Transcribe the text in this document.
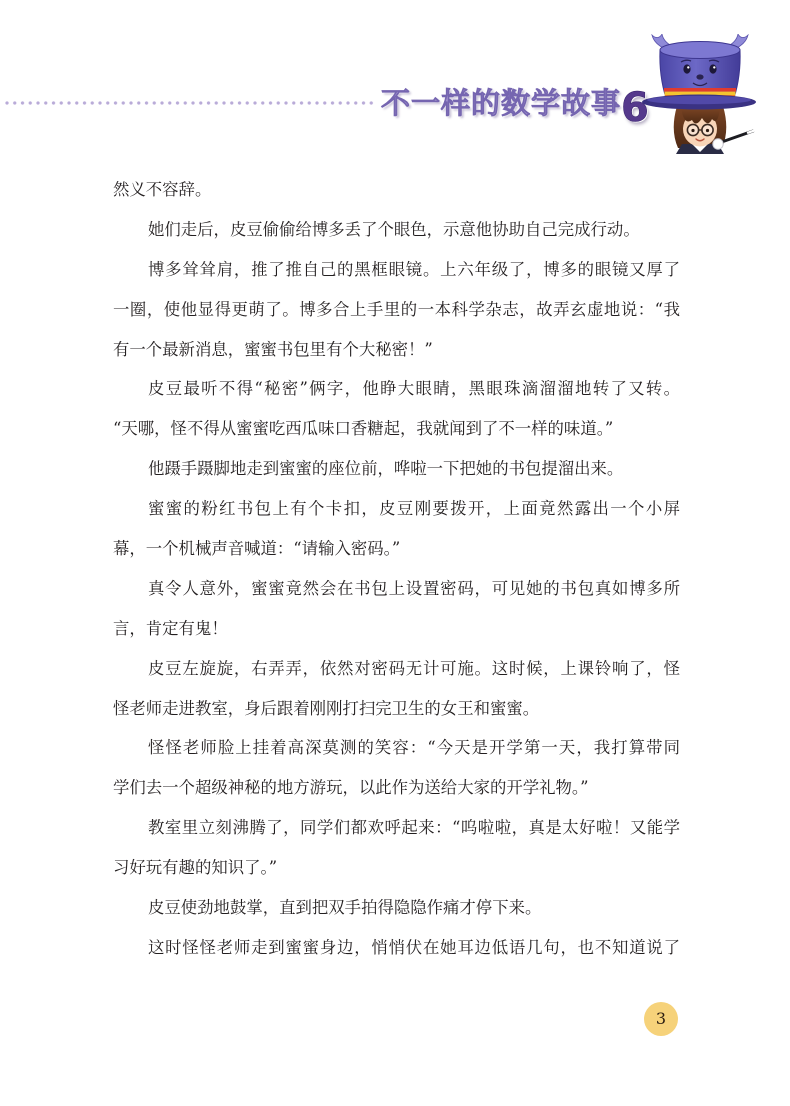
不一样的数学故事 6
然义不容辞。
她们走后，皮豆偷偷给博多丢了个眼色，示意他协助自己完成行动。
博多耸耸肩，推了推自己的黑框眼镜。上六年级了，博多的眼镜又厚了
一圈，使他显得更萌了。博多合上手里的一本科学杂志，故弄玄虚地说：“我
有一个最新消息，蜜蜜书包里有个大秘密！”
皮豆最听不得“秘密”俩字，他睁大眼睛，黑眼珠滴溜溜地转了又转。
“天哪，怪不得从蜜蜜吃西瓜味口香糖起，我就闻到了不一样的味道。”
他蹑手蹑脚地走到蜜蜜的座位前，哗啦一下把她的书包提溜出来。
蜜蜜的粉红书包上有个卡扣，皮豆刚要拨开，上面竟然露出一个小屏
幕，一个机械声音喊道：“请输入密码。”
真令人意外，蜜蜜竟然会在书包上设置密码，可见她的书包真如博多所
言，肯定有鬼！
皮豆左旋旋，右弄弄，依然对密码无计可施。这时候，上课铃响了，怪
怪老师走进教室，身后跟着刚刚打扫完卫生的女王和蜜蜜。
怪怪老师脸上挂着高深莫测的笑容：“今天是开学第一天，我打算带同
学们去一个超级神秘的地方游玩，以此作为送给大家的开学礼物。”
教室里立刻沸腾了，同学们都欢呼起来：“呜啦啦，真是太好啦！又能学
习好玩有趣的知识了。”
皮豆使劲地鼓掌，直到把双手拍得隐隐作痛才停下来。
这时怪怪老师走到蜜蜜身边，悄悄伏在她耳边低语几句，也不知道说了
3
